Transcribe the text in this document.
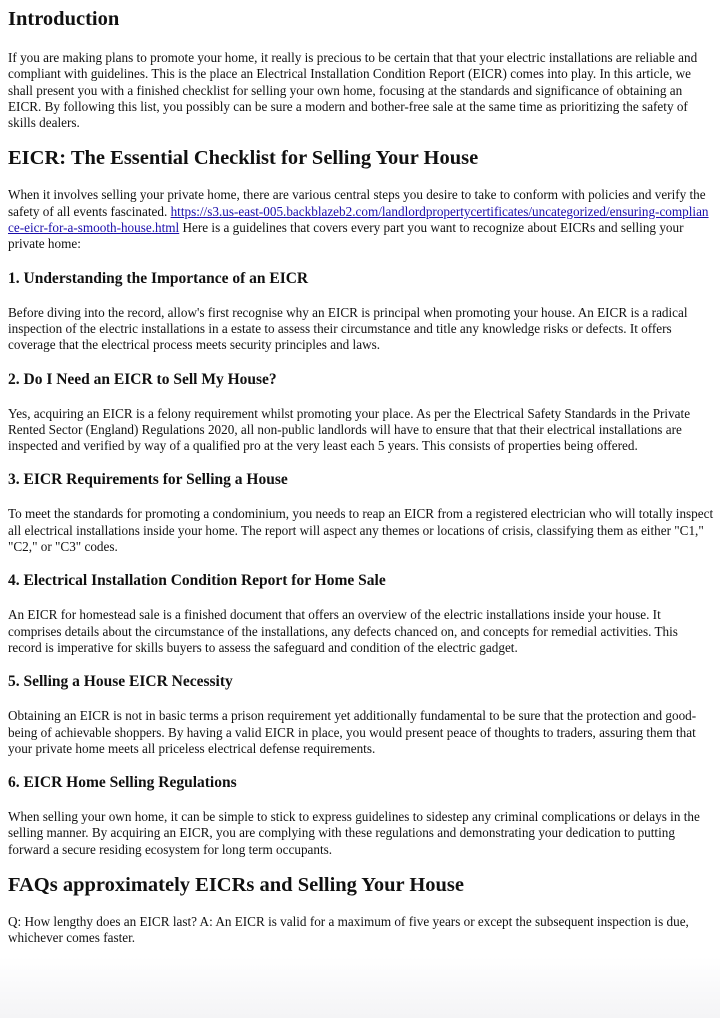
Introduction

If you are making plans to promote your home, it really is precious to be certain that that your electric installations are reliable and compliant with guidelines. This is the place an Electrical Installation Condition Report (EICR) comes into play. In this article, we shall present you with a finished checklist for selling your own home, focusing at the standards and significance of obtaining an EICR. By following this list, you possibly can be sure a modern and bother-free sale at the same time as prioritizing the safety of skills dealers.

EICR: The Essential Checklist for Selling Your House

When it involves selling your private home, there are various central steps you desire to take to conform with policies and verify the safety of all events fascinated. https://s3.us-east-005.backblazeb2.com/landlordpropertycertificates/uncategorized/ensuring-compliance-eicr-for-a-smooth-house.html Here is a guidelines that covers every part you want to recognize about EICRs and selling your private home:

1. Understanding the Importance of an EICR

Before diving into the record, allow's first recognise why an EICR is principal when promoting your house. An EICR is a radical inspection of the electric installations in a estate to assess their circumstance and title any knowledge risks or defects. It offers coverage that the electrical process meets security principles and laws.

2. Do I Need an EICR to Sell My House?

Yes, acquiring an EICR is a felony requirement whilst promoting your place. As per the Electrical Safety Standards in the Private Rented Sector (England) Regulations 2020, all non-public landlords will have to ensure that that their electrical installations are inspected and verified by way of a qualified pro at the very least each 5 years. This consists of properties being offered.

3. EICR Requirements for Selling a House

To meet the standards for promoting a condominium, you needs to reap an EICR from a registered electrician who will totally inspect all electrical installations inside your home. The report will aspect any themes or locations of crisis, classifying them as either "C1," "C2," or "C3" codes.

4. Electrical Installation Condition Report for Home Sale

An EICR for homestead sale is a finished document that offers an overview of the electric installations inside your house. It comprises details about the circumstance of the installations, any defects chanced on, and concepts for remedial activities. This record is imperative for skills buyers to assess the safeguard and condition of the electric gadget.

5. Selling a House EICR Necessity

Obtaining an EICR is not in basic terms a prison requirement yet additionally fundamental to be sure that the protection and good-being of achievable shoppers. By having a valid EICR in place, you would present peace of thoughts to traders, assuring them that your private home meets all priceless electrical defense requirements.

6. EICR Home Selling Regulations

When selling your own home, it can be simple to stick to express guidelines to sidestep any criminal complications or delays in the selling manner. By acquiring an EICR, you are complying with these regulations and demonstrating your dedication to putting forward a secure residing ecosystem for long term occupants.

FAQs approximately EICRs and Selling Your House

Q: How lengthy does an EICR last? A: An EICR is valid for a maximum of five years or except the subsequent inspection is due, whichever comes faster.
